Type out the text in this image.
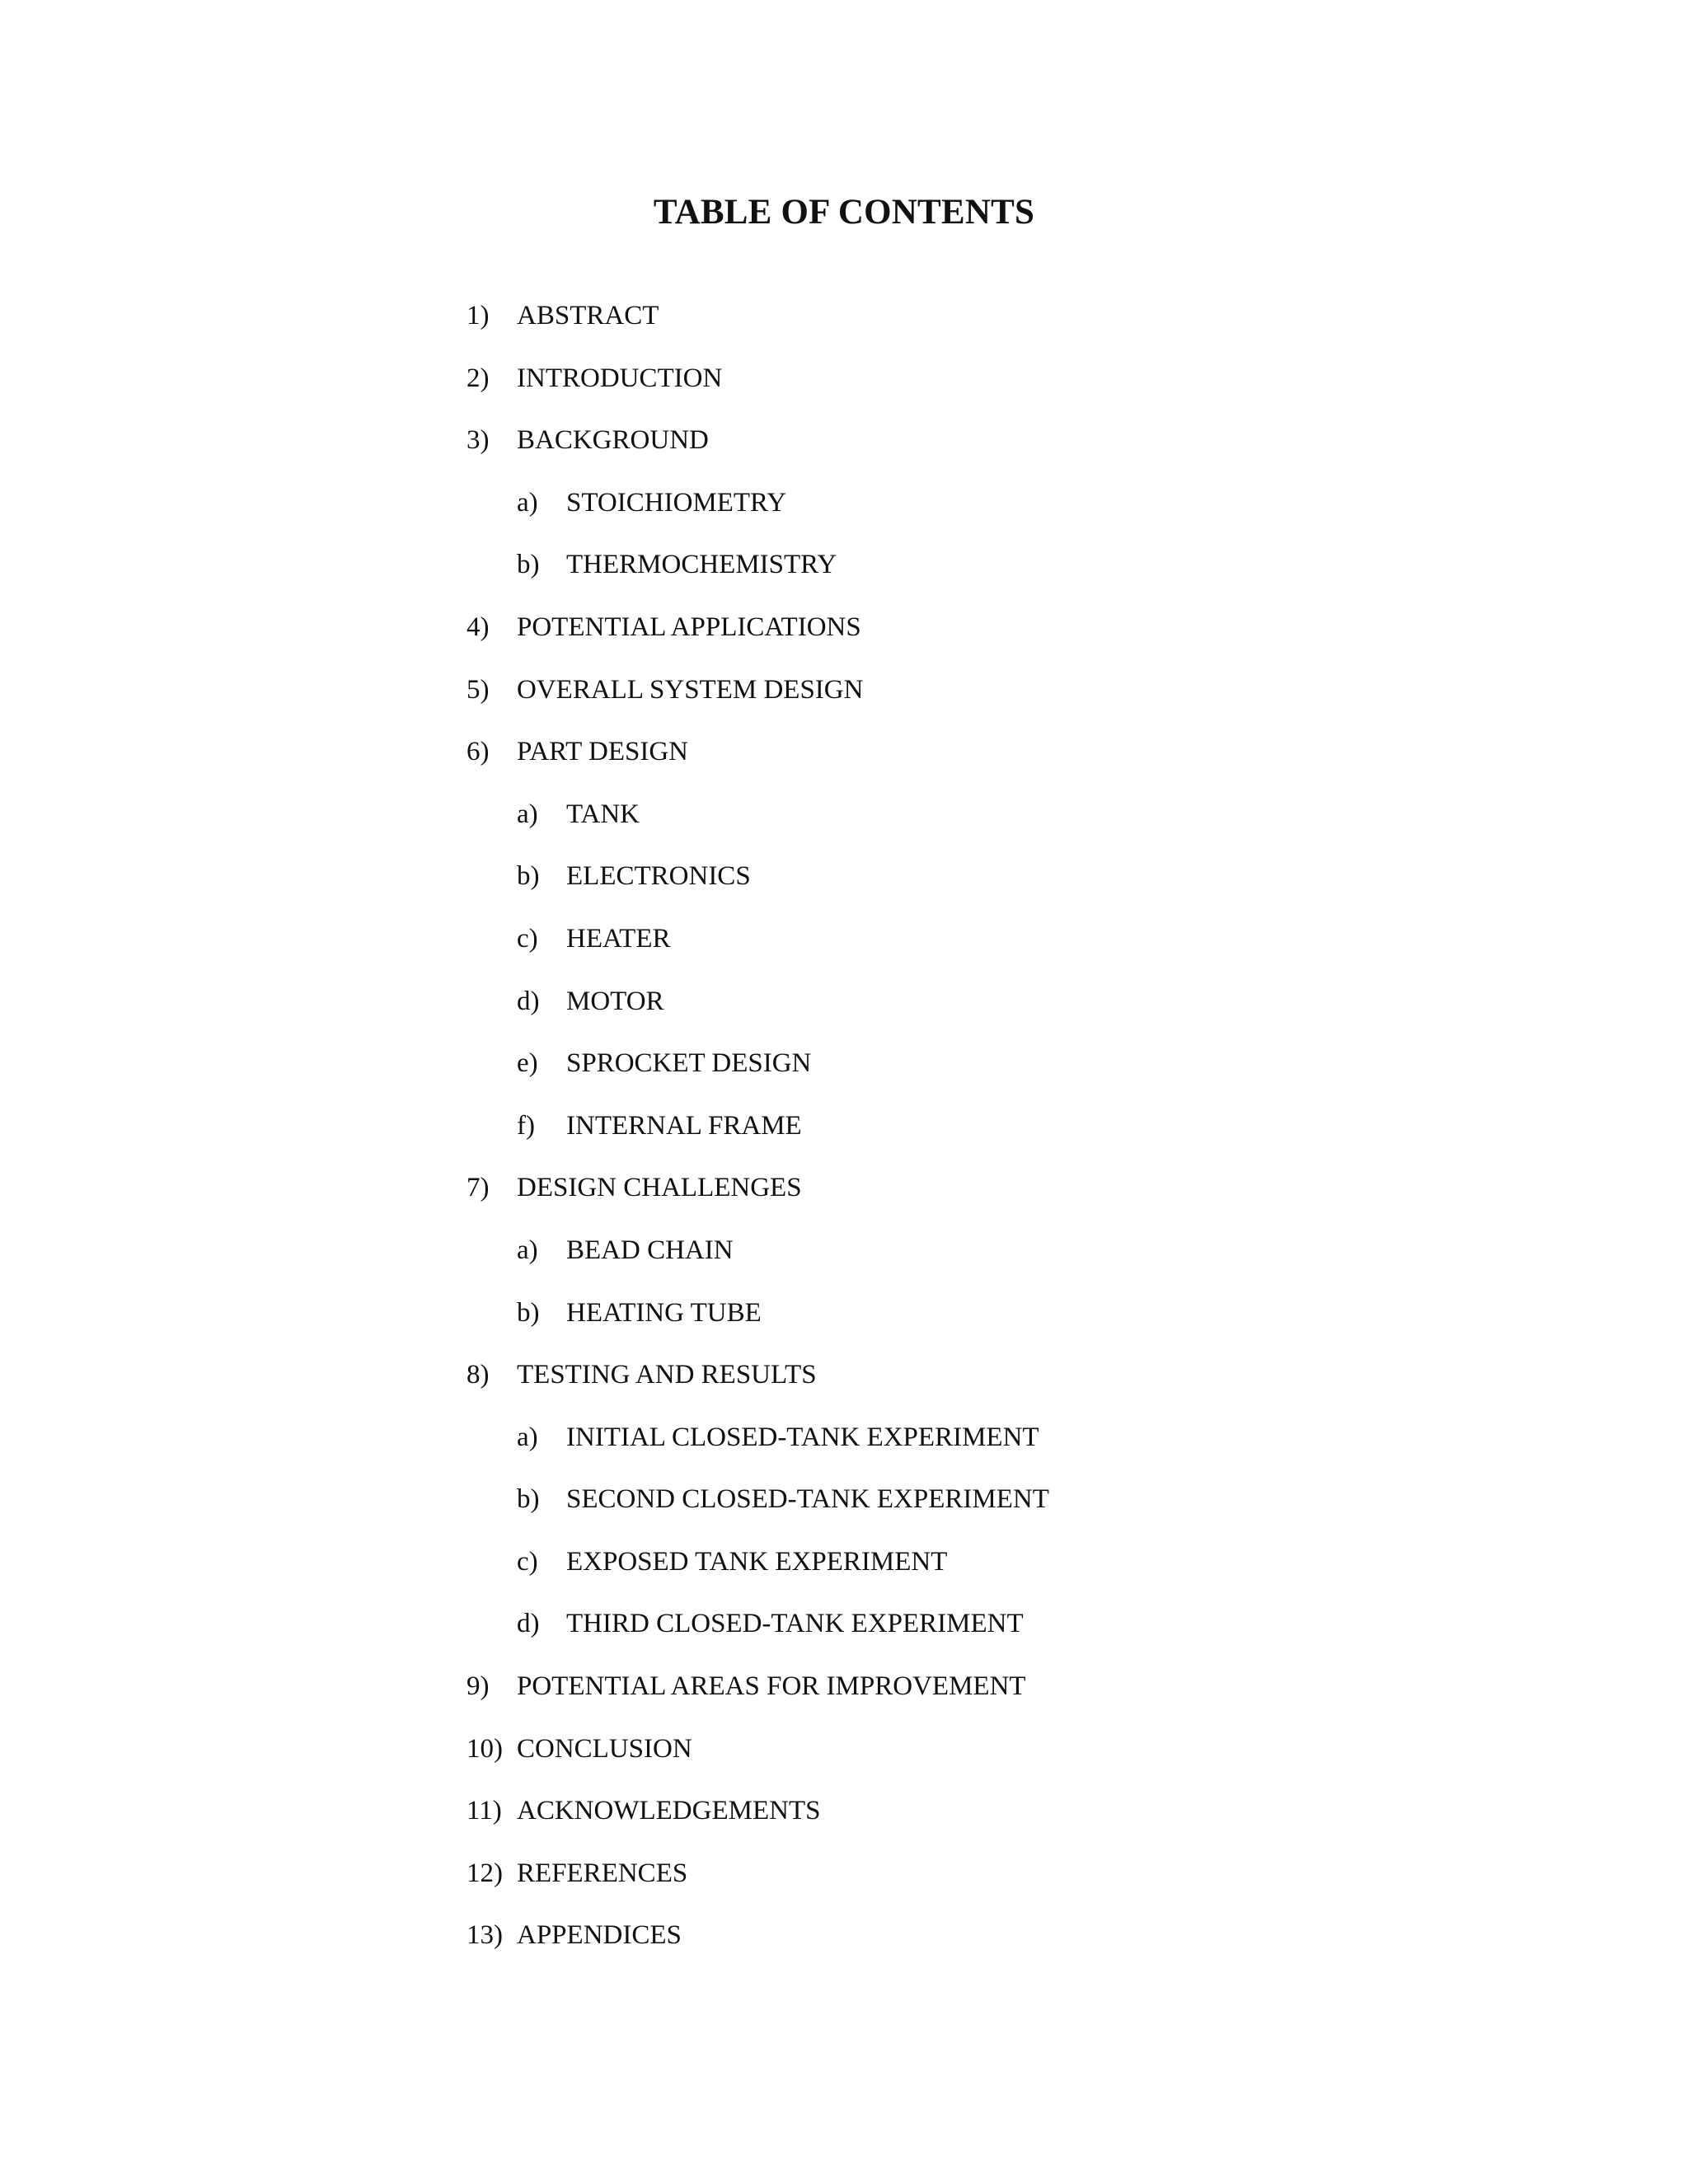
TABLE OF CONTENTS
1) ABSTRACT
2) INTRODUCTION
3) BACKGROUND
a) STOICHIOMETRY
b) THERMOCHEMISTRY
4) POTENTIAL APPLICATIONS
5) OVERALL SYSTEM DESIGN
6) PART DESIGN
a) TANK
b) ELECTRONICS
c) HEATER
d) MOTOR
e) SPROCKET DESIGN
f) INTERNAL FRAME
7) DESIGN CHALLENGES
a) BEAD CHAIN
b) HEATING TUBE
8) TESTING AND RESULTS
a) INITIAL CLOSED-TANK EXPERIMENT
b) SECOND CLOSED-TANK EXPERIMENT
c) EXPOSED TANK EXPERIMENT
d) THIRD CLOSED-TANK EXPERIMENT
9) POTENTIAL AREAS FOR IMPROVEMENT
10) CONCLUSION
11) ACKNOWLEDGEMENTS
12) REFERENCES
13) APPENDICES
